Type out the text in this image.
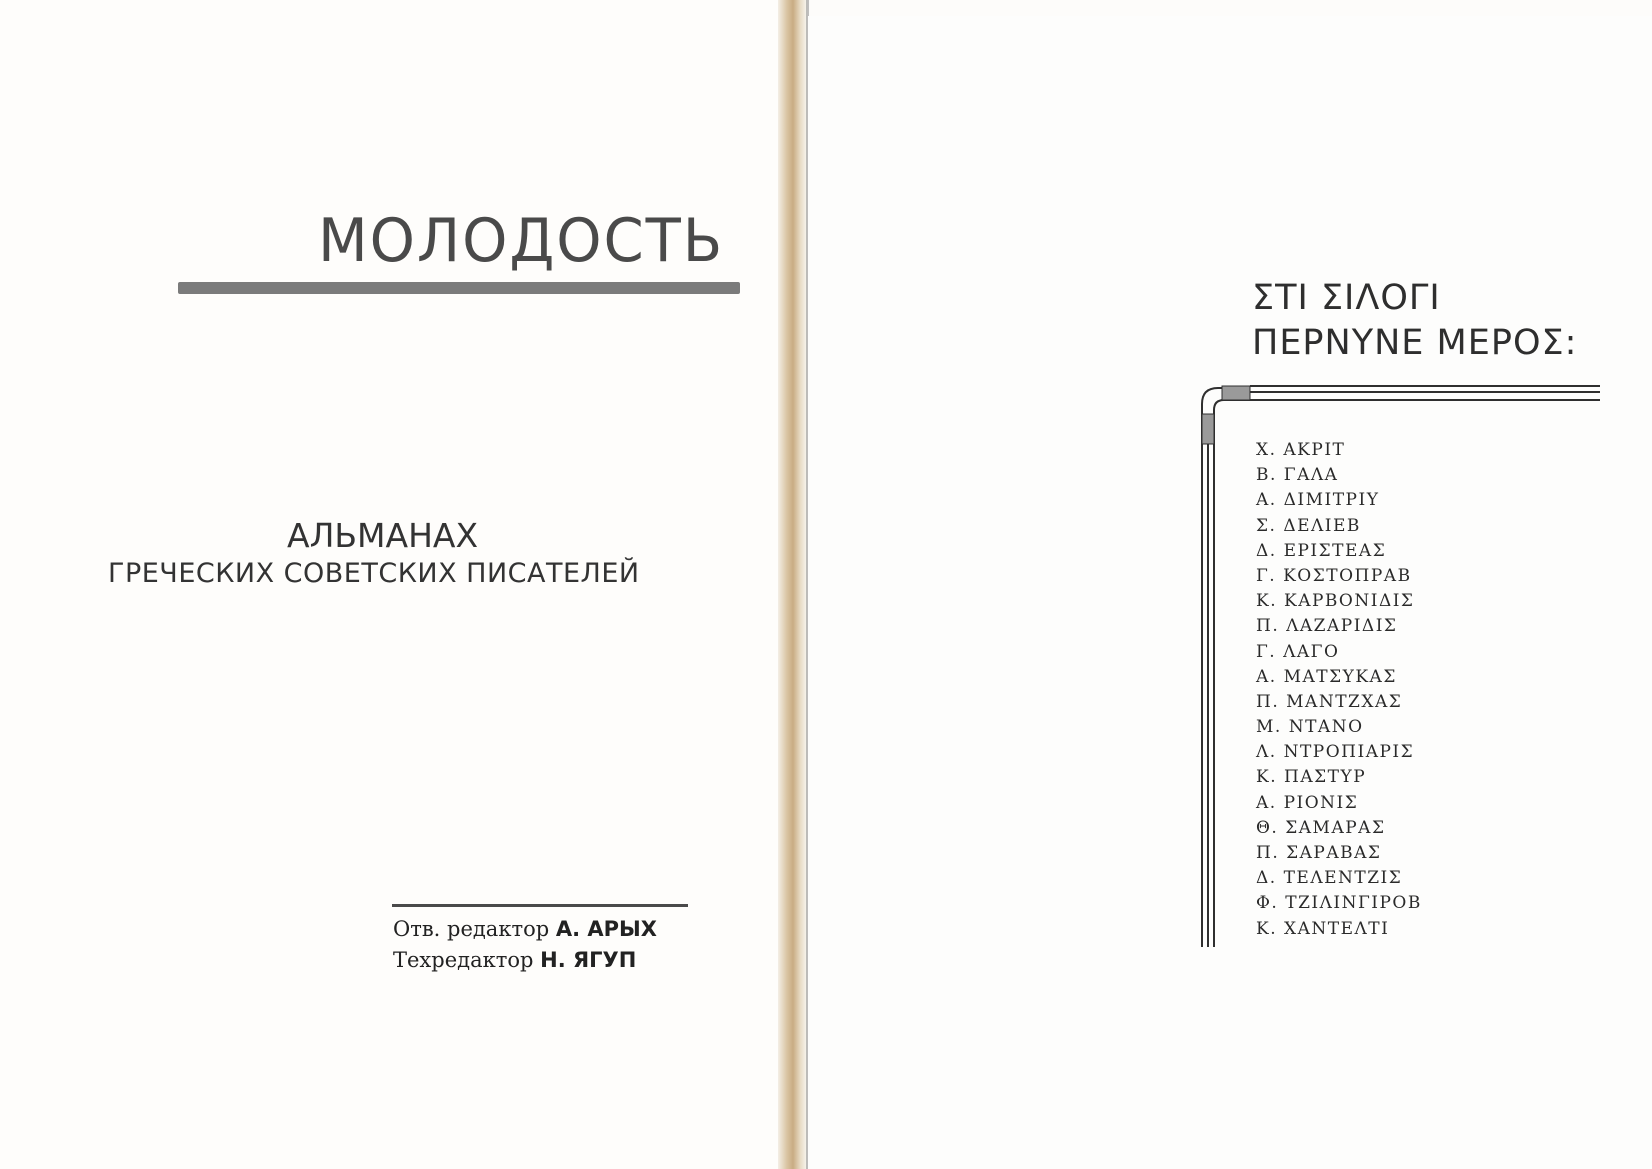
МОЛОДОСТЬ
АЛЬМАНАХ
ГРЕЧЕСКИХ СОВЕТСКИХ ПИСАТЕЛЕЙ
Отв. редактор А. АРЫХ
Техредактор Н. ЯГУП
ΣΤΙ ΣΙΛΟΓΙ
ΠΕΡΝΥΝΕ ΜΕΡΟΣ:
Χ. ΑΚΡΙΤ
Β. ΓΑΛΑ
Α. ΔΙΜΙΤΡΙΥ
Σ. ΔΕΛΙΕΒ
Δ. ΕΡΙΣΤΕΑΣ
Γ. ΚΟΣΤΟΠΡΑΒ
Κ. ΚΑΡΒΟΝΙΔΙΣ
Π. ΛΑΖΑΡΙΔΙΣ
Γ. ΛΑΓΟ
Α. ΜΑΤΣΥΚΑΣ
Π. ΜΑΝΤΖΧΑΣ
Μ. ΝΤΑΝΟ
Λ. ΝΤΡΟΠΙΑΡΙΣ
Κ. ΠΑΣΤΥΡ
Α. ΡΙΟΝΙΣ
Θ. ΣΑΜΑΡΑΣ
Π. ΣΑΡΑΒΑΣ
Δ. ΤΕΛΕΝΤΖΙΣ
Φ. ΤΖΙΛΙΝΓΙΡΟΒ
Κ. ΧΑΝΤΕΛΤΙ
